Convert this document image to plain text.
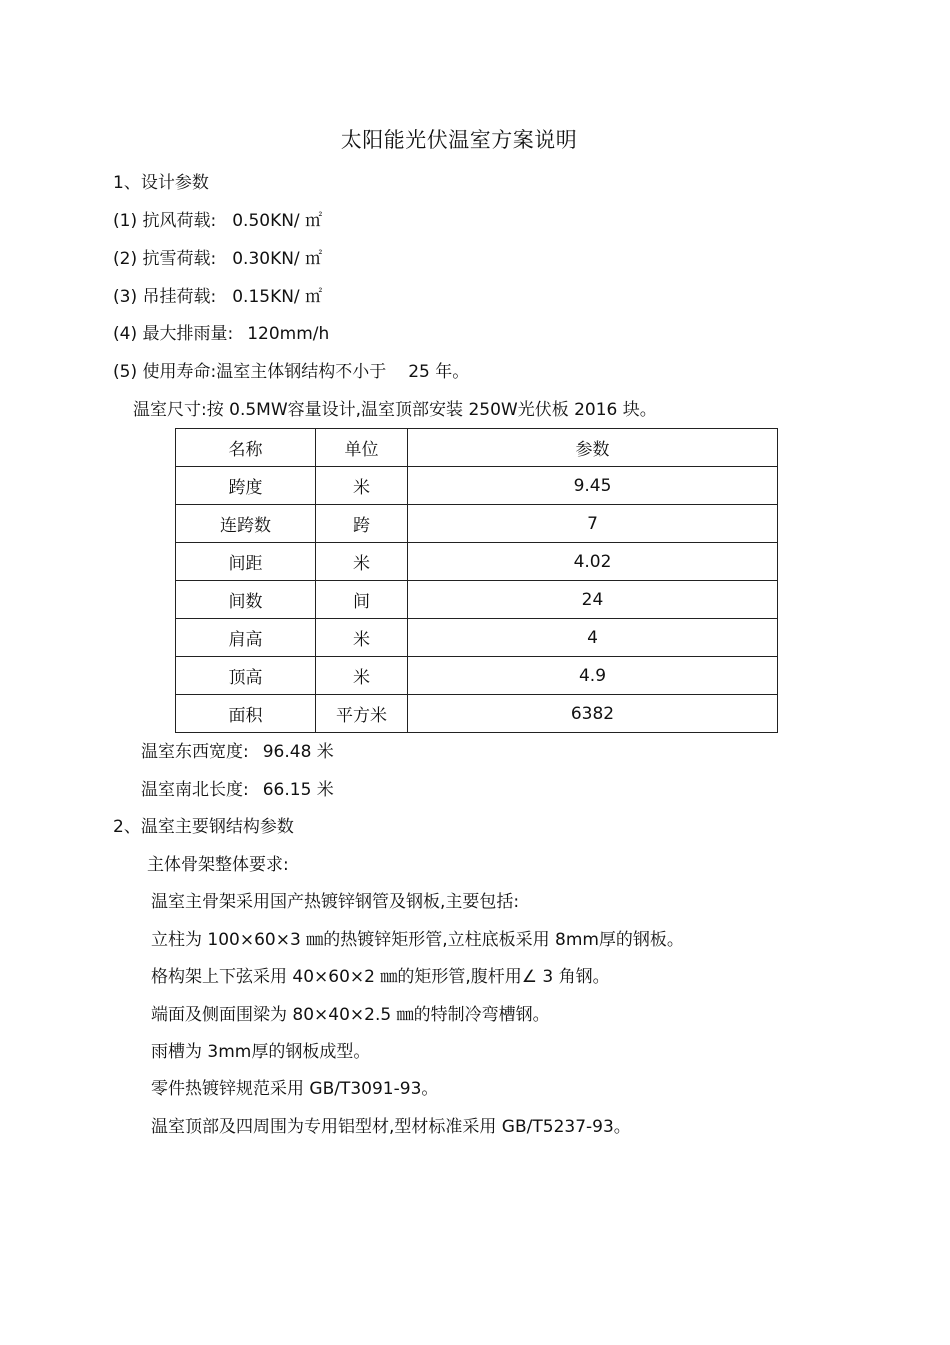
太阳能光伏温室方案说明
1、设计参数
(1) 抗风荷载: 0.50KN/ ㎡
(2) 抗雪荷载: 0.30KN/ ㎡
(3) 吊挂荷载: 0.15KN/ ㎡
(4) 最大排雨量: 120mm/h
(5) 使用寿命:温室主体钢结构不小于 25 年。
温室尺寸:按 0.5MW容量设计,温室顶部安装 250W光伏板 2016 块。
名称	单位	参数
跨度	米	9.45
连跨数	跨	7
间距	米	4.02
间数	间	24
肩高	米	4
顶高	米	4.9
面积	平方米	6382
温室东西宽度: 96.48 米
温室南北长度: 66.15 米
2、温室主要钢结构参数
主体骨架整体要求:
温室主骨架采用国产热镀锌钢管及钢板,主要包括:
立柱为 100×60×3 ㎜的热镀锌矩形管,立柱底板采用 8mm厚的钢板。
格构架上下弦采用 40×60×2 ㎜的矩形管,腹杆用∠ 3 角钢。
端面及侧面围梁为 80×40×2.5 ㎜的特制冷弯槽钢。
雨槽为 3mm厚的钢板成型。
零件热镀锌规范采用 GB/T3091-93。
温室顶部及四周围为专用铝型材,型材标准采用 GB/T5237-93。
